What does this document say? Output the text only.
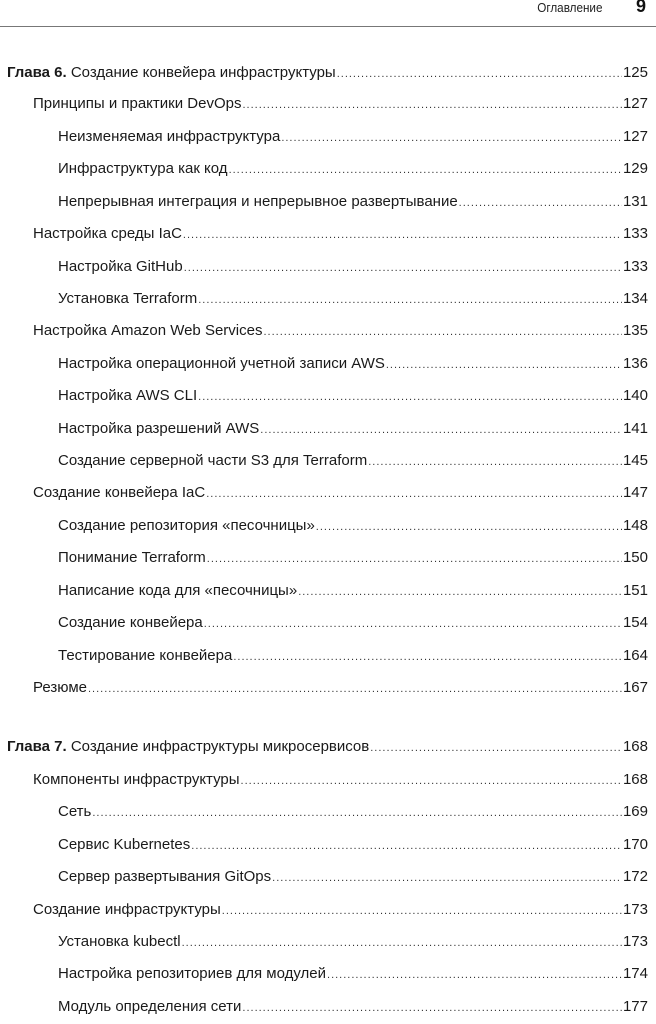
Оглавление 9
Глава 6. Создание конвейера инфраструктуры .....	125
Принципы и практики DevOps .....	127
Неизменяемая инфраструктура .....	127
Инфраструктура как код .....	129
Непрерывная интеграция и непрерывное развертывание .....	131
Настройка среды IaC .....	133
Настройка GitHub .....	133
Установка Terraform .....	134
Настройка Amazon Web Services .....	135
Настройка операционной учетной записи AWS .....	136
Настройка AWS CLI .....	140
Настройка разрешений AWS .....	141
Создание серверной части S3 для Terraform .....	145
Создание конвейера IaC .....	147
Создание репозитория «песочницы» .....	148
Понимание Terraform .....	150
Написание кода для «песочницы» .....	151
Создание конвейера .....	154
Тестирование конвейера .....	164
Резюме .....	167
Глава 7. Создание инфраструктуры микросервисов .....	168
Компоненты инфраструктуры .....	168
Сеть .....	169
Сервис Kubernetes .....	170
Сервер развертывания GitOps .....	172
Создание инфраструктуры .....	173
Установка kubectl .....	173
Настройка репозиториев для модулей .....	174
Модуль определения сети .....	177
